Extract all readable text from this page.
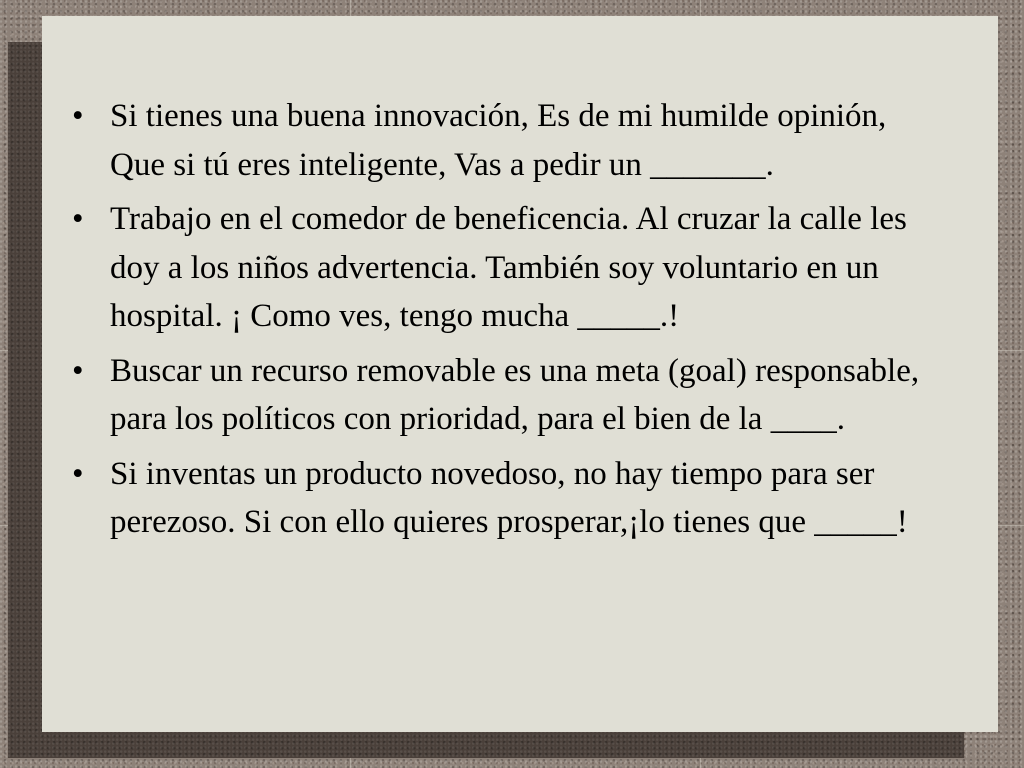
• Si tienes una buena innovación, Es de mi humilde opinión, Que si tú eres inteligente, Vas a pedir un _______.
• Trabajo en el comedor de beneficencia. Al cruzar la calle les doy a los niños advertencia. También soy voluntario en un hospital. ¡ Como ves, tengo mucha _____.!
• Buscar un recurso removable es una meta (goal) responsable, para los políticos con prioridad, para el bien de la ____.
• Si inventas un producto novedoso, no hay tiempo para ser perezoso. Si con ello quieres prosperar,¡lo tienes que _____!
